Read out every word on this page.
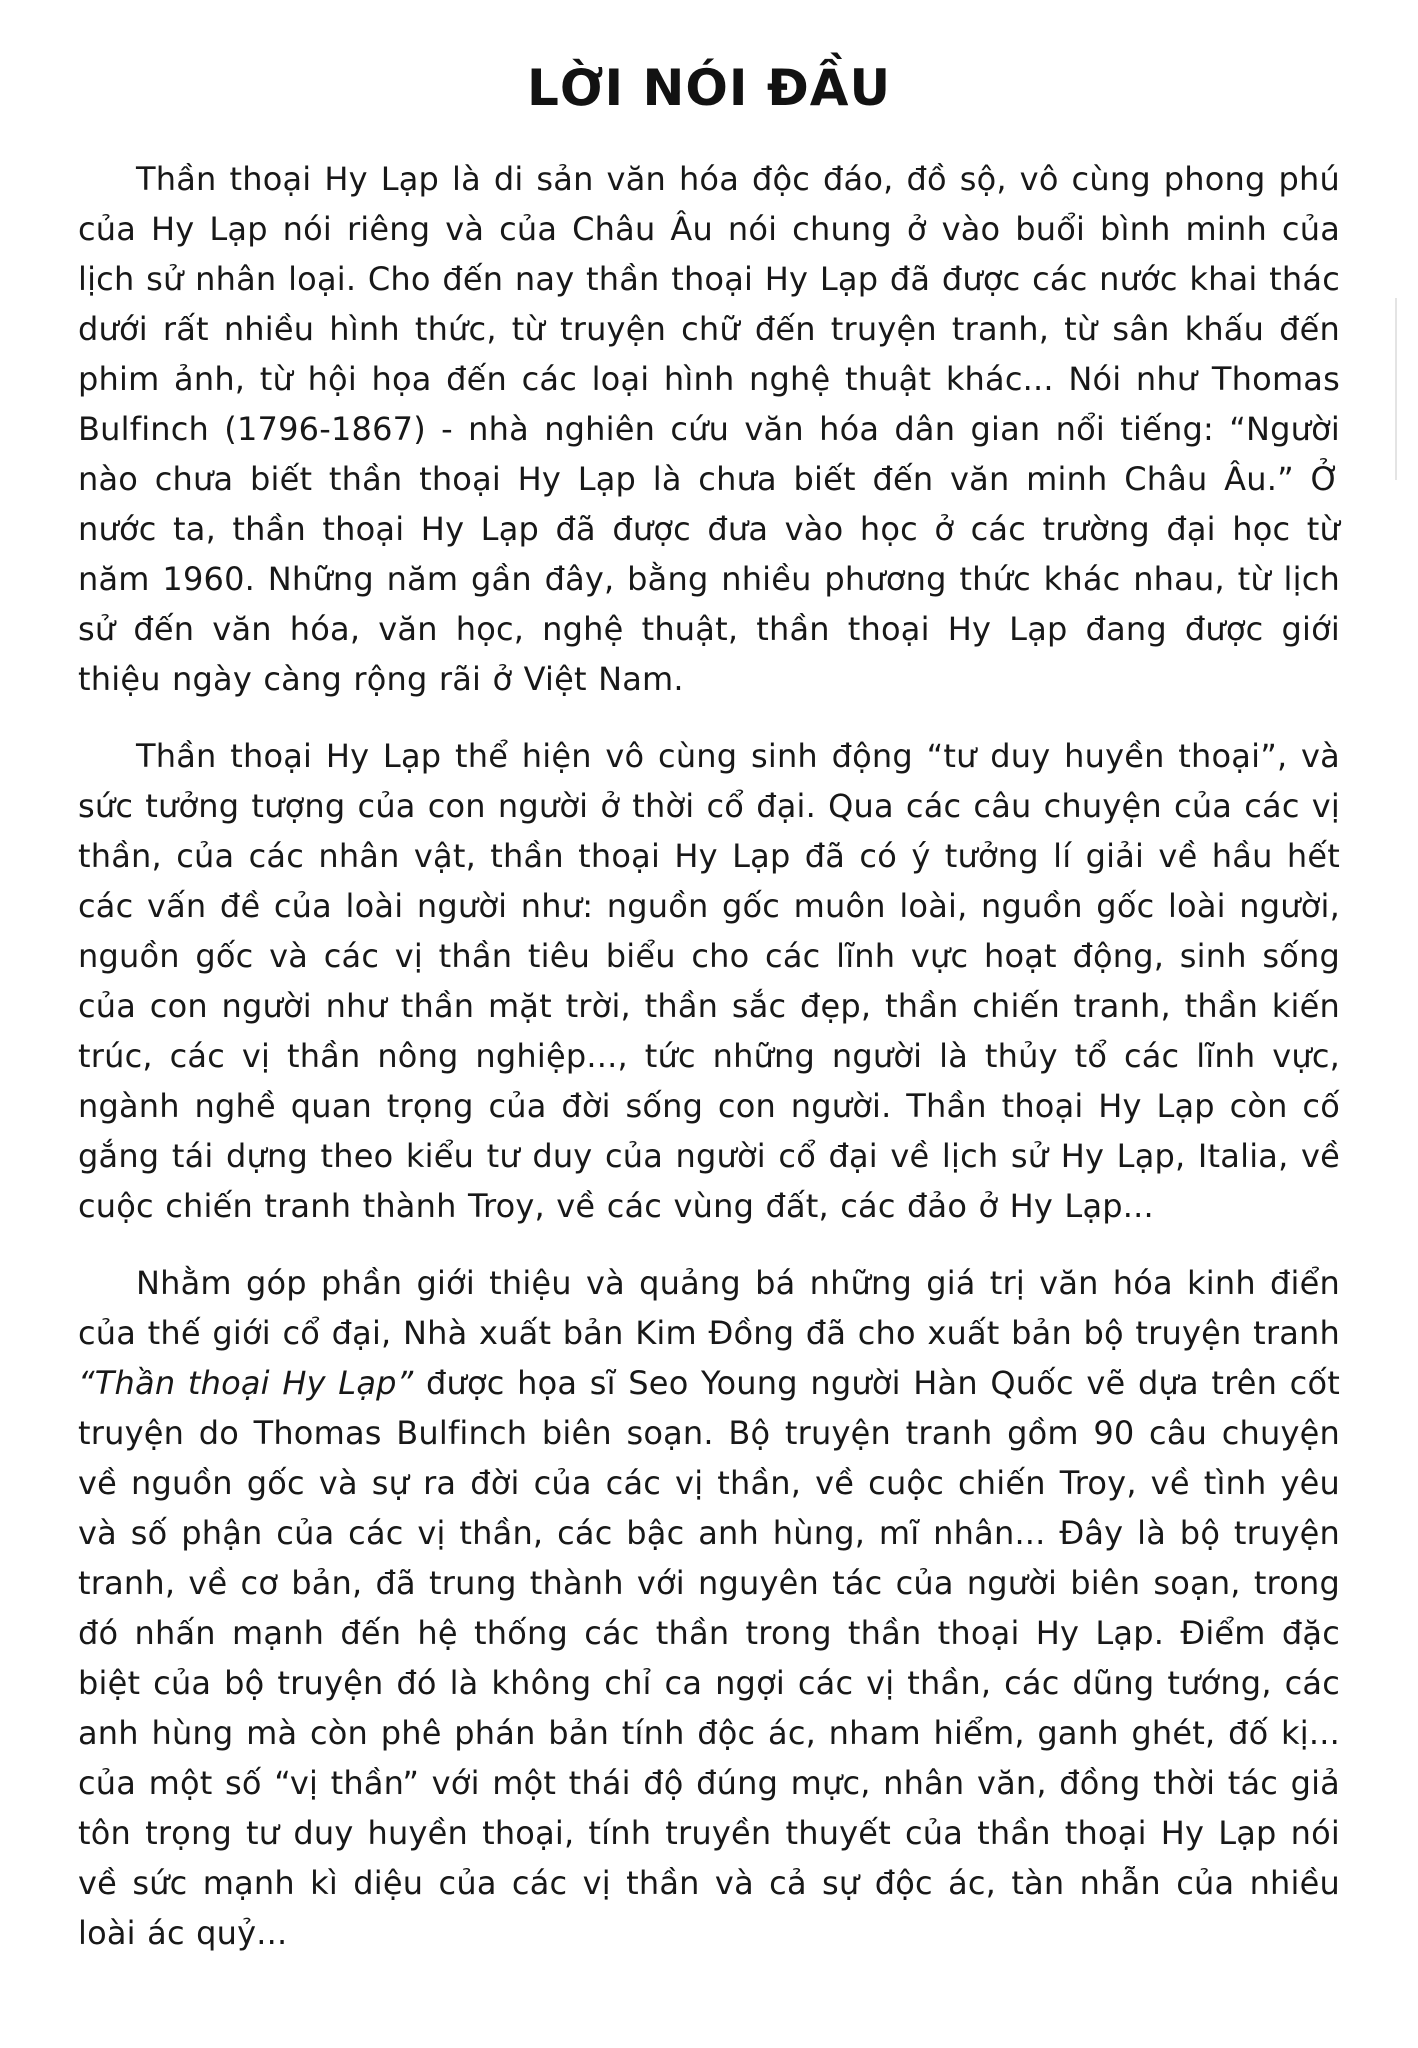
LỜI NÓI ĐẦU

Thần thoại Hy Lạp là di sản văn hóa độc đáo, đồ sộ, vô cùng phong phú của Hy Lạp nói riêng và của Châu Âu nói chung ở vào buổi bình minh của lịch sử nhân loại. Cho đến nay thần thoại Hy Lạp đã được các nước khai thác dưới rất nhiều hình thức, từ truyện chữ đến truyện tranh, từ sân khấu đến phim ảnh, từ hội họa đến các loại hình nghệ thuật khác... Nói như Thomas Bulfinch (1796-1867) - nhà nghiên cứu văn hóa dân gian nổi tiếng: “Người nào chưa biết thần thoại Hy Lạp là chưa biết đến văn minh Châu Âu.” Ở nước ta, thần thoại Hy Lạp đã được đưa vào học ở các trường đại học từ năm 1960. Những năm gần đây, bằng nhiều phương thức khác nhau, từ lịch sử đến văn hóa, văn học, nghệ thuật, thần thoại Hy Lạp đang được giới thiệu ngày càng rộng rãi ở Việt Nam.

Thần thoại Hy Lạp thể hiện vô cùng sinh động “tư duy huyền thoại”, và sức tưởng tượng của con người ở thời cổ đại. Qua các câu chuyện của các vị thần, của các nhân vật, thần thoại Hy Lạp đã có ý tưởng lí giải về hầu hết các vấn đề của loài người như: nguồn gốc muôn loài, nguồn gốc loài người, nguồn gốc và các vị thần tiêu biểu cho các lĩnh vực hoạt động, sinh sống của con người như thần mặt trời, thần sắc đẹp, thần chiến tranh, thần kiến trúc, các vị thần nông nghiệp..., tức những người là thủy tổ các lĩnh vực, ngành nghề quan trọng của đời sống con người. Thần thoại Hy Lạp còn cố gắng tái dựng theo kiểu tư duy của người cổ đại về lịch sử Hy Lạp, Italia, về cuộc chiến tranh thành Troy, về các vùng đất, các đảo ở Hy Lạp...

Nhằm góp phần giới thiệu và quảng bá những giá trị văn hóa kinh điển của thế giới cổ đại, Nhà xuất bản Kim Đồng đã cho xuất bản bộ truyện tranh “Thần thoại Hy Lạp” được họa sĩ Seo Young người Hàn Quốc vẽ dựa trên cốt truyện do Thomas Bulfinch biên soạn. Bộ truyện tranh gồm 90 câu chuyện về nguồn gốc và sự ra đời của các vị thần, về cuộc chiến Troy, về tình yêu và số phận của các vị thần, các bậc anh hùng, mĩ nhân... Đây là bộ truyện tranh, về cơ bản, đã trung thành với nguyên tác của người biên soạn, trong đó nhấn mạnh đến hệ thống các thần trong thần thoại Hy Lạp. Điểm đặc biệt của bộ truyện đó là không chỉ ca ngợi các vị thần, các dũng tướng, các anh hùng mà còn phê phán bản tính độc ác, nham hiểm, ganh ghét, đố kị... của một số “vị thần” với một thái độ đúng mực, nhân văn, đồng thời tác giả tôn trọng tư duy huyền thoại, tính truyền thuyết của thần thoại Hy Lạp nói về sức mạnh kì diệu của các vị thần và cả sự độc ác, tàn nhẫn của nhiều loài ác quỷ...
